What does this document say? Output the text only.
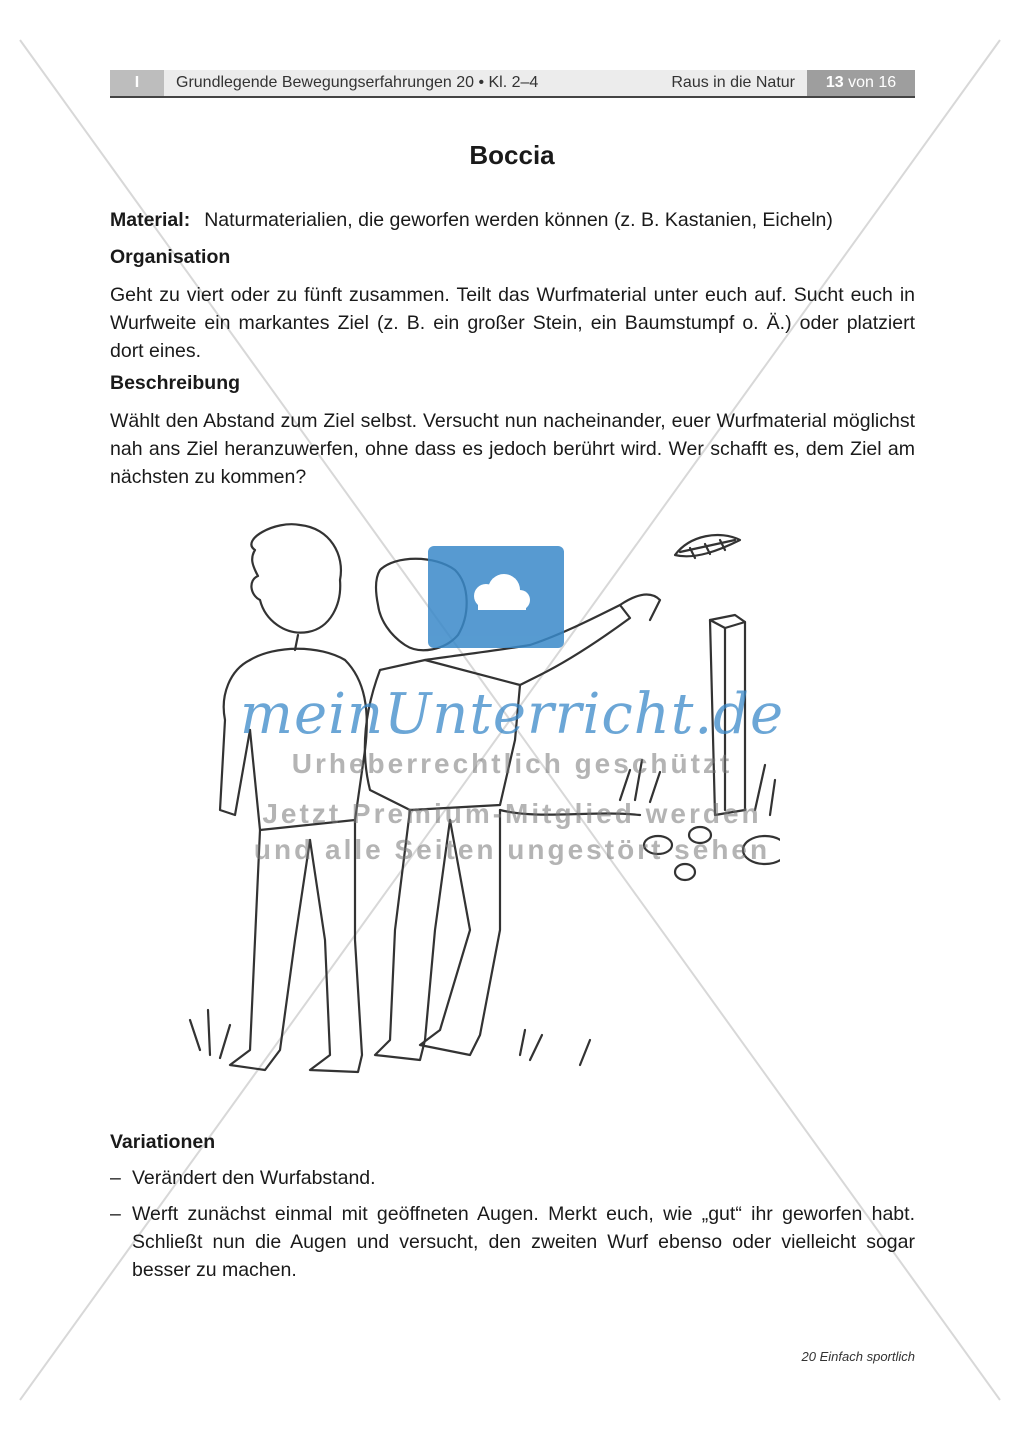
I	Grundlegende Bewegungserfahrungen 20 • Kl. 2–4	Raus in die Natur	13 von 16
Boccia
Material: Naturmaterialien, die geworfen werden können (z. B. Kastanien, Eicheln)
Organisation
Geht zu viert oder zu fünft zusammen. Teilt das Wurfmaterial unter euch auf. Sucht euch in Wurfweite ein markantes Ziel (z. B. ein großer Stein, ein Baumstumpf o. Ä.) oder platziert dort eines.
Beschreibung
Wählt den Abstand zum Ziel selbst. Versucht nun nacheinander, euer Wurfmaterial möglichst nah ans Ziel heranzuwerfen, ohne dass es jedoch berührt wird. Wer schafft es, dem Ziel am nächsten zu kommen?
meinUnterricht.de
Urheberrechtlich geschützt
Jetzt Premium-Mitglied werden
und alle Seiten ungestört sehen
Variationen
– Verändert den Wurfabstand.
– Werft zunächst einmal mit geöffneten Augen. Merkt euch, wie „gut“ ihr geworfen habt. Schließt nun die Augen und versucht, den zweiten Wurf ebenso oder vielleicht sogar besser zu machen.
20 Einfach sportlich
